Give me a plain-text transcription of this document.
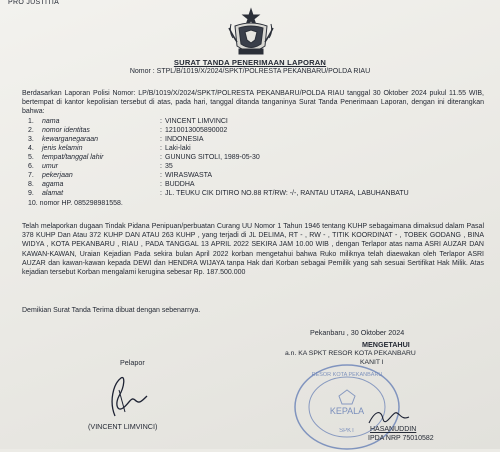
PRO JUSTITIA
SURAT TANDA PENERIMAAN LAPORAN
Nomor : STPL/B/1019/X/2024/SPKT/POLRESTA PEKANBARU/POLDA RIAU
Berdasarkan Laporan Polisi Nomor: LP/B/1019/X/2024/SPKT/POLRESTA PEKANBARU/POLDA RIAU tanggal 30 Oktober 2024 pukul 11.55 WIB, bertempat di kantor kepolisian tersebut di atas, pada hari, tanggal ditanda tanganinya Surat Tanda Penerimaan Laporan, dengan ini diterangkan bahwa:
1. nama	: VINCENT LIMVINCI
2. nomor identitas	: 1210013005890002
3. kewarganegaraan	: INDONESIA
4. jenis kelamin	: Laki-laki
5. tempat/tanggal lahir	: GUNUNG SITOLI, 1989-05-30
6. umur	: 35
7. pekerjaan	: WIRASWASTA
8. agama	: BUDDHA
9. alamat	: JL. TEUKU CIK DITIRO NO.88 RT/RW: -/-, RANTAU UTARA, LABUHANBATU
10. nomor HP. 085298981558.
Telah melaporkan dugaan Tindak Pidana Penipuan/perbuatan Curang UU Nomor 1 Tahun 1946 tentang KUHP sebagaimana dimaksud dalam Pasal 378 KUHP Dan Atau 372 KUHP DAN ATAU 263 KUHP , yang terjadi di JL DELIMA, RT - , RW - , TITIK KOORDINAT - , TOBEK GODANG , BINA WIDYA , KOTA PEKANBARU , RIAU , PADA TANGGAL 13 APRIL 2022 SEKIRA JAM 10.00 WIB , dengan Terlapor atas nama ASRI AUZAR DAN KAWAN-KAWAN, Uraian Kejadian Pada sekira bulan April 2022 korban mengetahui bahwa Ruko miliknya telah diaewakan oleh Terlapor ASRI AUZAR dan kawan-kawan kepada DEWI dan HENDRA WIJAYA tanpa Hak dari Korban sebagai Pemilik yang sah sesuai Sertifikat Hak Milik. Atas kejadian tersebut Korban mengalami kerugina sebesar Rp. 187.500.000
Demikian Surat Tanda Terima dibuat dengan sebenarnya.
Pelapor
(VINCENT LIMVINCI)
Pekanbaru , 30 Oktober 2024
MENGETAHUI
a.n. KA SPKT RESOR KOTA PEKANBARU
KANIT I
KEPALA
RESOR KOTA PEKANBARU
SPKT HASANUDDIN
IPDA NRP 75010582
